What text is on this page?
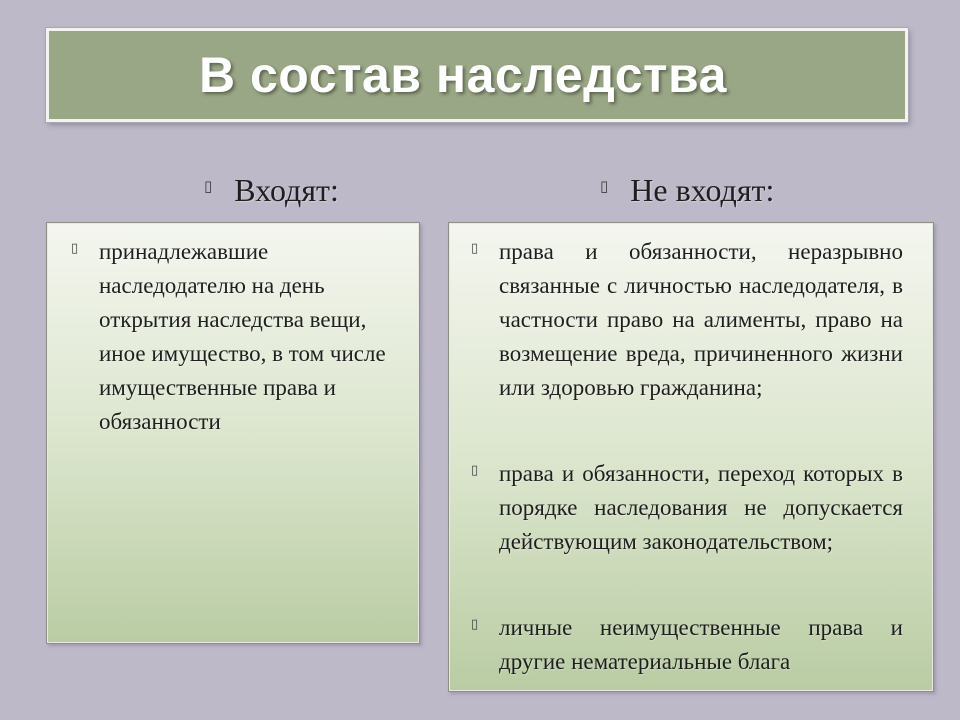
В состав наследства
▯ Входят:	▯ Не входят:
▯ принадлежавшие наследодателю на день открытия наследства вещи, иное имущество, в том числе имущественные права и обязанности
▯ права и обязанности, неразрывно связанные с личностью наследодателя, в частности право на алименты, право на возмещение вреда, причиненного жизни или здоровью гражданина;
▯ права и обязанности, переход которых в порядке наследования не допускается действующим законодательством;
▯ личные неимущественные права и другие нематериальные блага
